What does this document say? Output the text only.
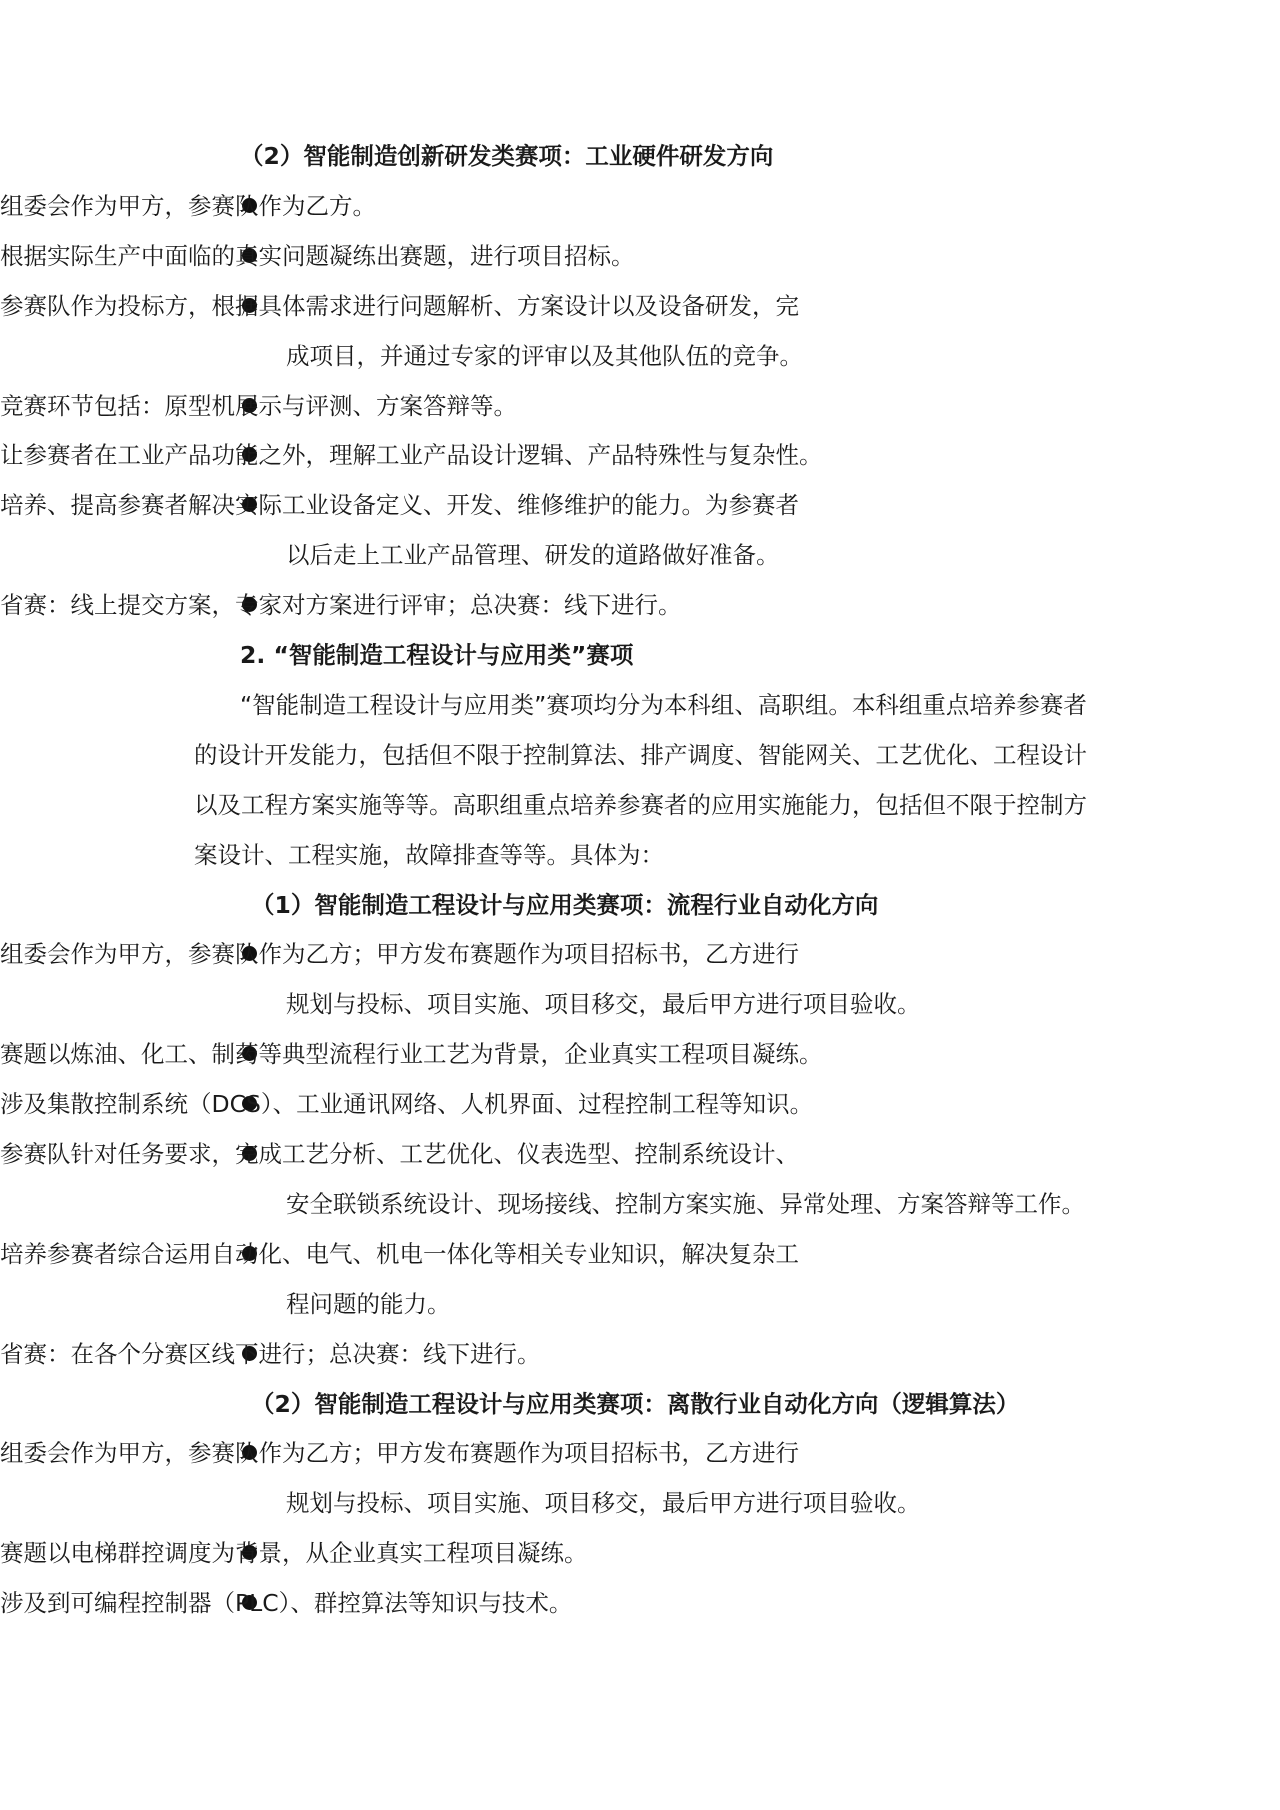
（2）智能制造创新研发类赛项：工业硬件研发方向
组委会作为甲方，参赛队作为乙方。
根据实际生产中面临的真实问题凝练出赛题，进行项目招标。
参赛队作为投标方，根据具体需求进行问题解析、方案设计以及设备研发，完
成项目，并通过专家的评审以及其他队伍的竞争。
竞赛环节包括：原型机展示与评测、方案答辩等。
让参赛者在工业产品功能之外，理解工业产品设计逻辑、产品特殊性与复杂性。
培养、提高参赛者解决实际工业设备定义、开发、维修维护的能力。为参赛者
以后走上工业产品管理、研发的道路做好准备。
省赛：线上提交方案，专家对方案进行评审；总决赛：线下进行。
2. “智能制造工程设计与应用类”赛项
“智能制造工程设计与应用类”赛项均分为本科组、高职组。本科组重点培养参赛者
的设计开发能力，包括但不限于控制算法、排产调度、智能网关、工艺优化、工程设计
以及工程方案实施等等。高职组重点培养参赛者的应用实施能力，包括但不限于控制方
案设计、工程实施，故障排查等等。具体为：
（1）智能制造工程设计与应用类赛项：流程行业自动化方向
组委会作为甲方，参赛队作为乙方；甲方发布赛题作为项目招标书，乙方进行
规划与投标、项目实施、项目移交，最后甲方进行项目验收。
赛题以炼油、化工、制药等典型流程行业工艺为背景，企业真实工程项目凝练。
涉及集散控制系统（DCS）、工业通讯网络、人机界面、过程控制工程等知识。
参赛队针对任务要求，完成工艺分析、工艺优化、仪表选型、控制系统设计、
安全联锁系统设计、现场接线、控制方案实施、异常处理、方案答辩等工作。
培养参赛者综合运用自动化、电气、机电一体化等相关专业知识，解决复杂工
程问题的能力。
省赛：在各个分赛区线下进行；总决赛：线下进行。
（2）智能制造工程设计与应用类赛项：离散行业自动化方向（逻辑算法）
组委会作为甲方，参赛队作为乙方；甲方发布赛题作为项目招标书，乙方进行
规划与投标、项目实施、项目移交，最后甲方进行项目验收。
赛题以电梯群控调度为背景，从企业真实工程项目凝练。
涉及到可编程控制器（PLC）、群控算法等知识与技术。
